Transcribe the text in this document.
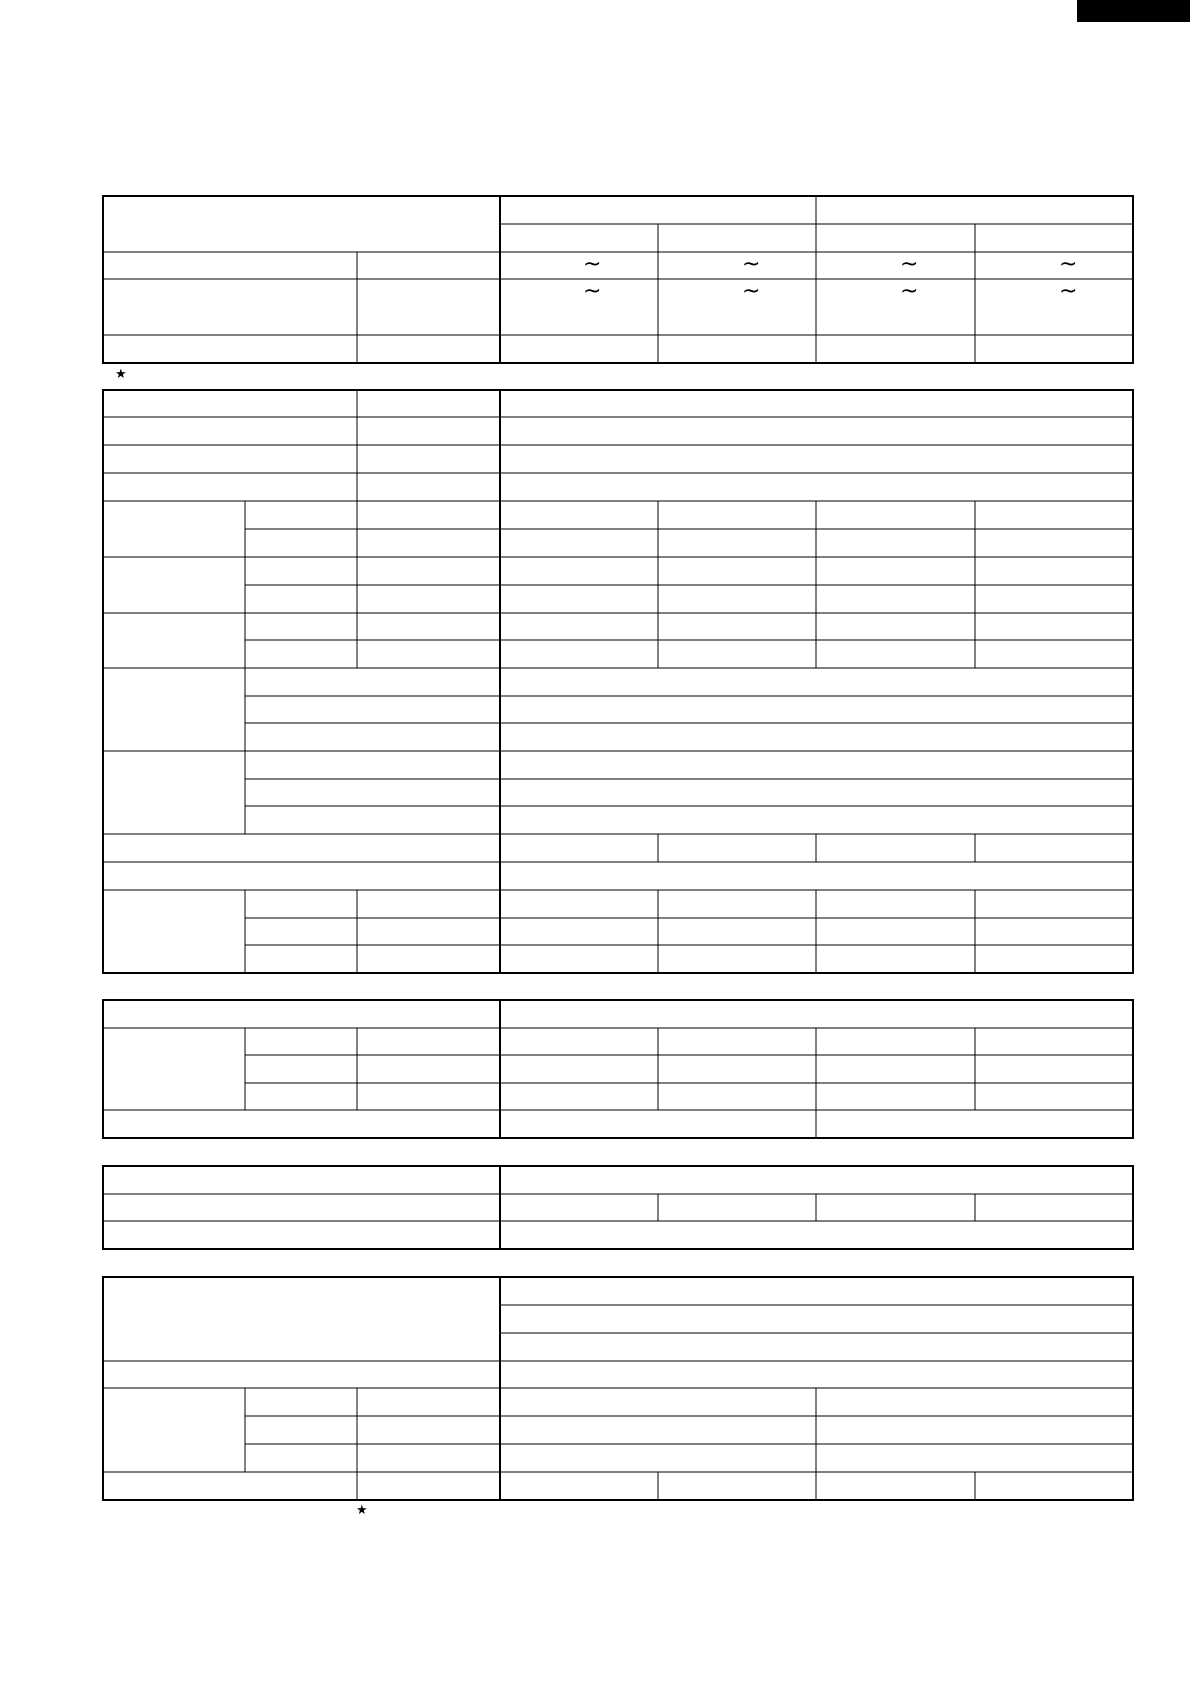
~	~	~	~
~	~	~	~
★
★
